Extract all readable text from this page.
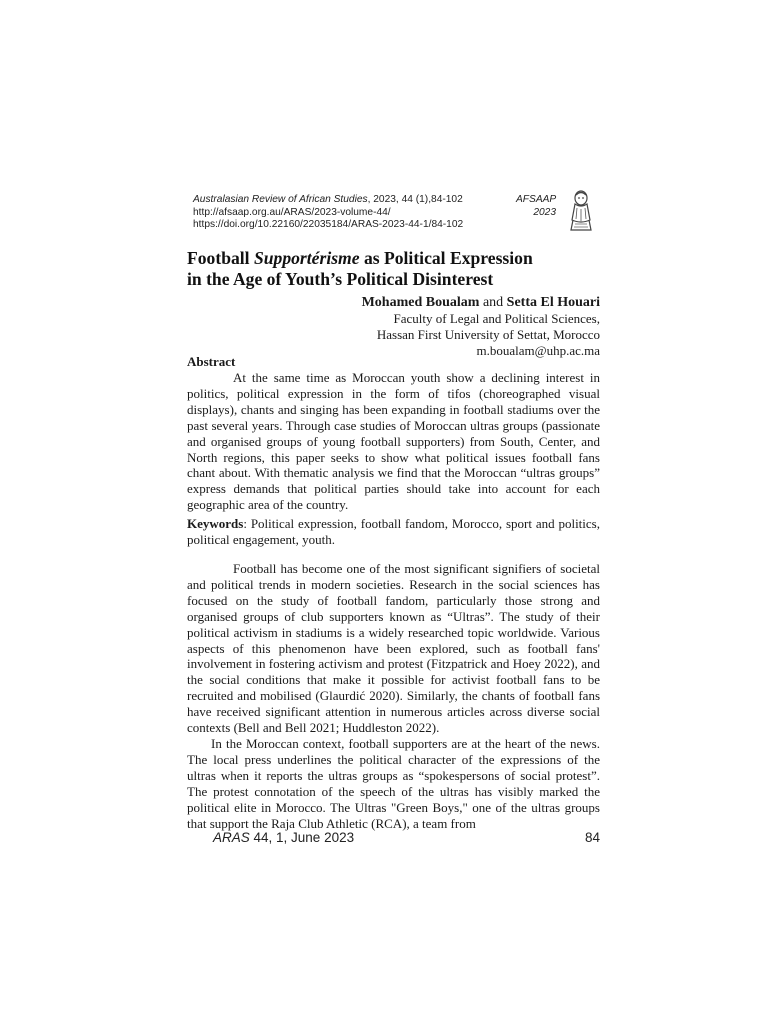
Australasian Review of African Studies, 2023, 44 (1),84-102
http://afsaap.org.au/ARAS/2023-volume-44/
https://doi.org/10.22160/22035184/ARAS-2023-44-1/84-102
AFSAAP
2023
Football Supportérisme as Political Expression
in the Age of Youth’s Political Disinterest
Mohamed Boualam and Setta El Houari
Faculty of Legal and Political Sciences,
Hassan First University of Settat, Morocco
m.boualam@uhp.ac.ma
Abstract
At the same time as Moroccan youth show a declining interest in politics, political expression in the form of tifos (choreographed visual displays), chants and singing has been expanding in football stadiums over the past several years. Through case studies of Moroccan ultras groups (passionate and organised groups of young football supporters) from South, Center, and North regions, this paper seeks to show what political issues football fans chant about. With thematic analysis we find that the Moroccan “ultras groups” express demands that political parties should take into account for each geographic area of the country.
Keywords: Political expression, football fandom, Morocco, sport and politics, political engagement, youth.

Football has become one of the most significant signifiers of societal and political trends in modern societies. Research in the social sciences has focused on the study of football fandom, particularly those strong and organised groups of club supporters known as “Ultras”. The study of their political activism in stadiums is a widely researched topic worldwide. Various aspects of this phenomenon have been explored, such as football fans' involvement in fostering activism and protest (Fitzpatrick and Hoey 2022), and the social conditions that make it possible for activist football fans to be recruited and mobilised (Glaurdić 2020). Similarly, the chants of football fans have received significant attention in numerous articles across diverse social contexts (Bell and Bell 2021; Huddleston 2022).

In the Moroccan context, football supporters are at the heart of the news. The local press underlines the political character of the expressions of the ultras when it reports the ultras groups as “spokespersons of social protest”. The protest connotation of the speech of the ultras has visibly marked the political elite in Morocco. The Ultras "Green Boys," one of the ultras groups that support the Raja Club Athletic (RCA), a team from

ARAS 44, 1, June 2023	84
